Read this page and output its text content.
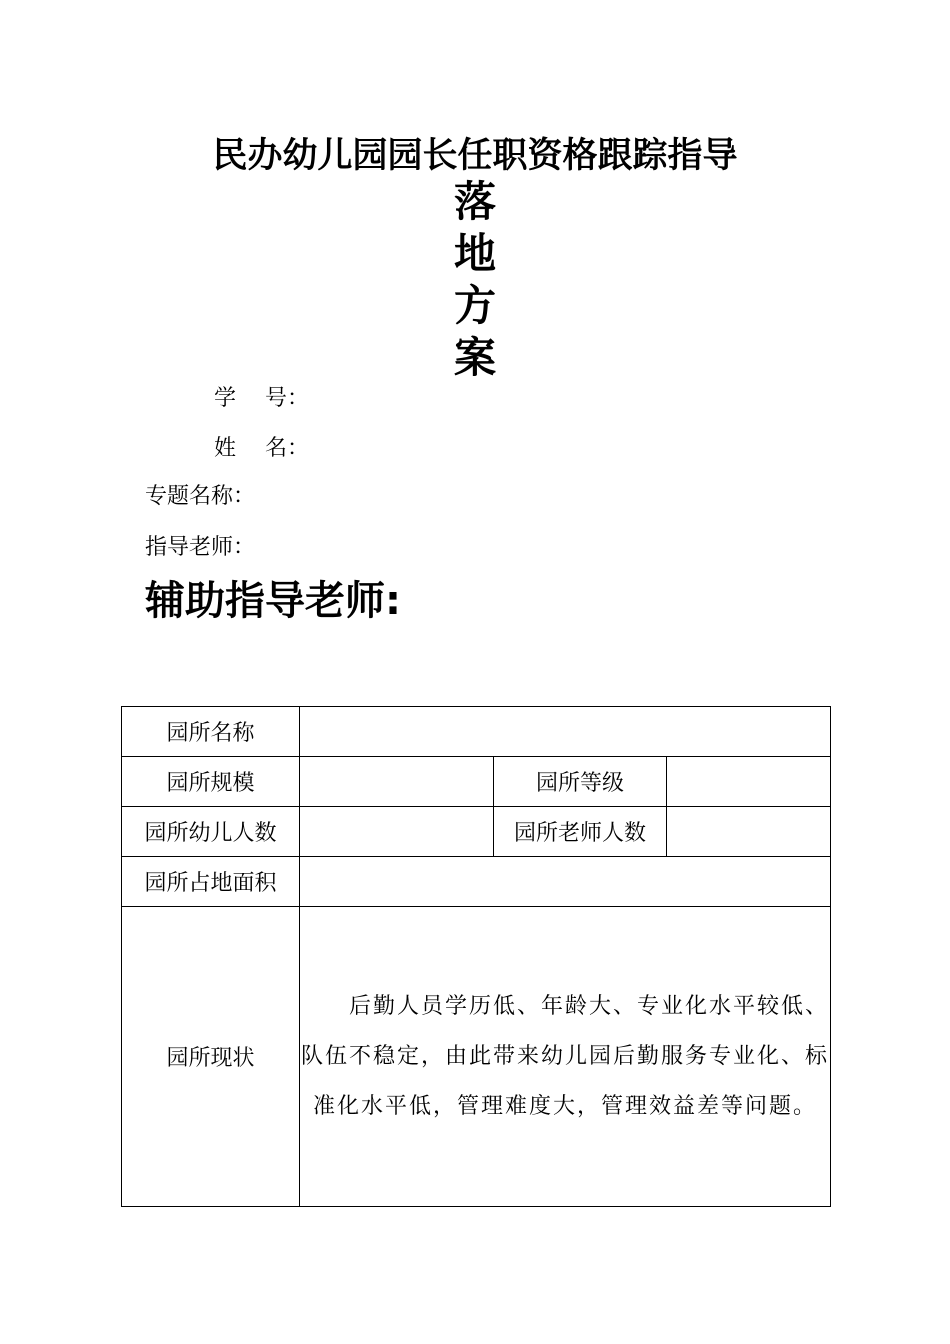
民办幼儿园园长任职资格跟踪指导
落
地
方
案
学　 号：
姓　 名：
专题名称：
指导老师：
辅助指导老师:
园所名称			
园所规模		园所等级	
园所幼儿人数		园所老师人数	
园所占地面积			
园所现状	后勤人员学历低、年龄大、专业化水平较低、队伍不稳定，由此带来幼儿园后勤服务专业化、标准化水平低，管理难度大，管理效益差等问题。		
